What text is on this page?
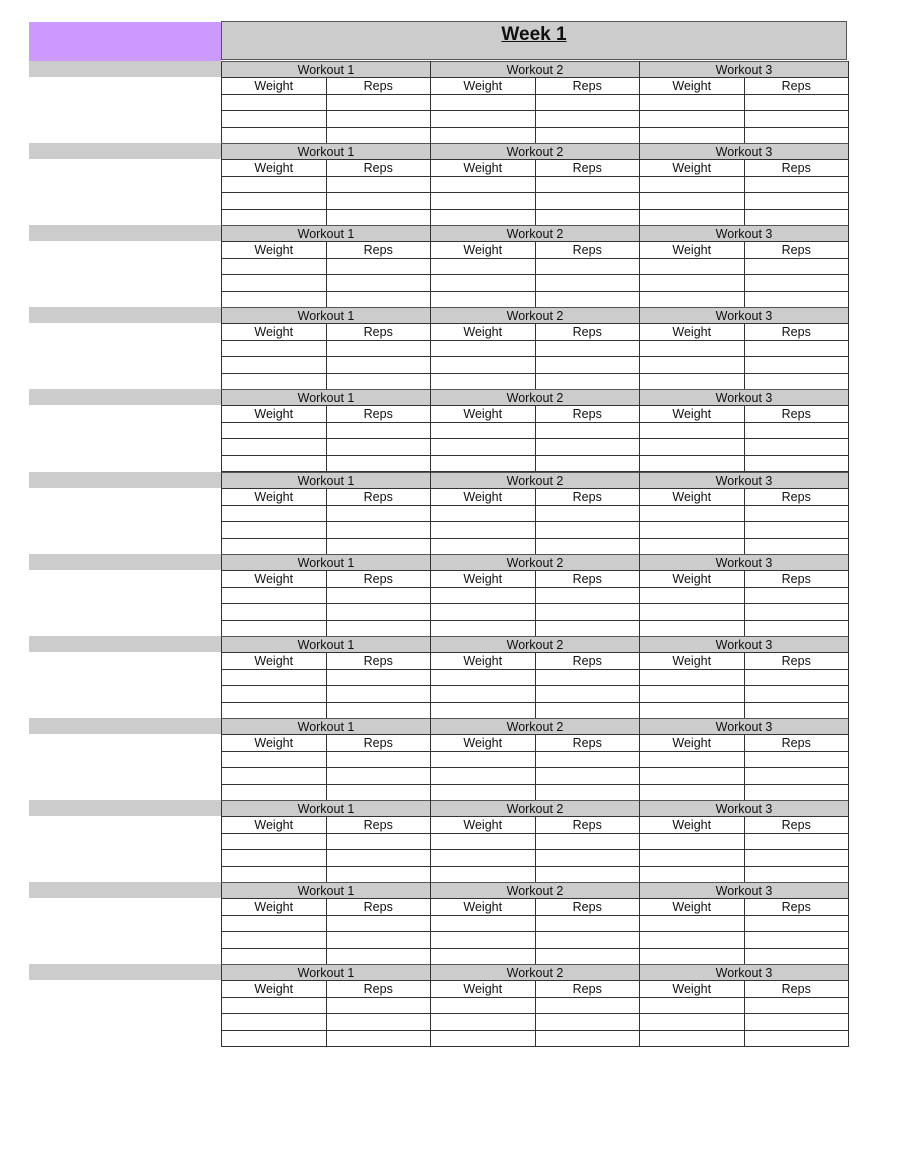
Week 1
Workout 1		Workout 2		Workout 3	
Weight	Reps	Weight	Reps	Weight	Reps

Workout 1		Workout 2		Workout 3	
Weight	Reps	Weight	Reps	Weight	Reps

Workout 1		Workout 2		Workout 3	
Weight	Reps	Weight	Reps	Weight	Reps

Workout 1		Workout 2		Workout 3	
Weight	Reps	Weight	Reps	Weight	Reps

Workout 1		Workout 2		Workout 3	
Weight	Reps	Weight	Reps	Weight	Reps

Workout 1		Workout 2		Workout 3	
Weight	Reps	Weight	Reps	Weight	Reps

Workout 1		Workout 2		Workout 3	
Weight	Reps	Weight	Reps	Weight	Reps

Workout 1		Workout 2		Workout 3	
Weight	Reps	Weight	Reps	Weight	Reps

Workout 1		Workout 2		Workout 3	
Weight	Reps	Weight	Reps	Weight	Reps

Workout 1		Workout 2		Workout 3	
Weight	Reps	Weight	Reps	Weight	Reps

Workout 1		Workout 2		Workout 3	
Weight	Reps	Weight	Reps	Weight	Reps

Workout 1		Workout 2		Workout 3	
Weight	Reps	Weight	Reps	Weight	Reps
